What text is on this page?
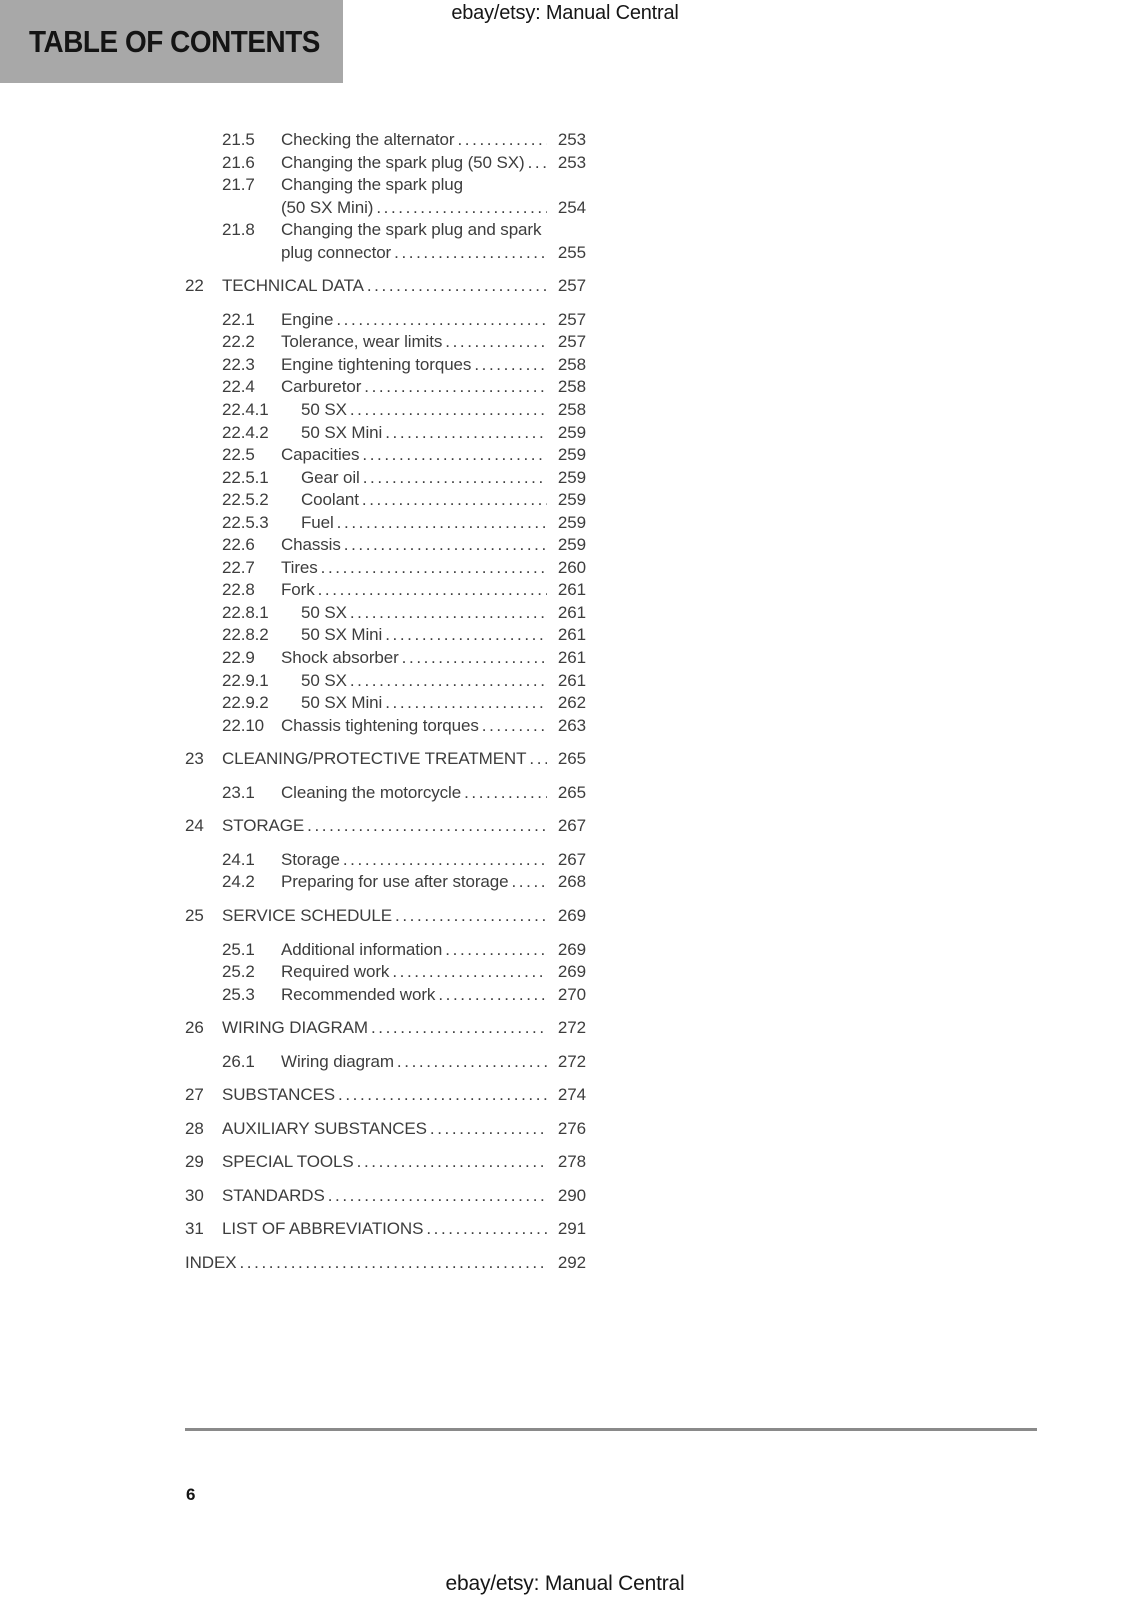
ebay/etsy: Manual Central
TABLE OF CONTENTS
21.5	Checking the alternator .....	253
21.6	Changing the spark plug (50 SX) .....	253
21.7	Changing the spark plug
(50 SX Mini) .....	254
21.8	Changing the spark plug and spark
plug connector .....	255
22	TECHNICAL DATA .....	257
22.1	Engine .....	257
22.2	Tolerance, wear limits .....	257
22.3	Engine tightening torques .....	258
22.4	Carburetor .....	258
22.4.1	50 SX .....	258
22.4.2	50 SX Mini .....	259
22.5	Capacities .....	259
22.5.1	Gear oil .....	259
22.5.2	Coolant .....	259
22.5.3	Fuel .....	259
22.6	Chassis .....	259
22.7	Tires .....	260
22.8	Fork .....	261
22.8.1	50 SX .....	261
22.8.2	50 SX Mini .....	261
22.9	Shock absorber .....	261
22.9.1	50 SX .....	261
22.9.2	50 SX Mini .....	262
22.10 Chassis tightening torques .....	263
23	CLEANING/PROTECTIVE TREATMENT .....	265
23.1	Cleaning the motorcycle .....	265
24	STORAGE .....	267
24.1	Storage .....	267
24.2	Preparing for use after storage .....	268
25	SERVICE SCHEDULE .....	269
25.1	Additional information .....	269
25.2	Required work .....	269
25.3	Recommended work .....	270
26	WIRING DIAGRAM .....	272
26.1	Wiring diagram .....	272
27	SUBSTANCES .....	274
28	AUXILIARY SUBSTANCES .....	276
29	SPECIAL TOOLS .....	278
30	STANDARDS .....	290
31	LIST OF ABBREVIATIONS .....	291
INDEX .....	292
6
ebay/etsy: Manual Central
